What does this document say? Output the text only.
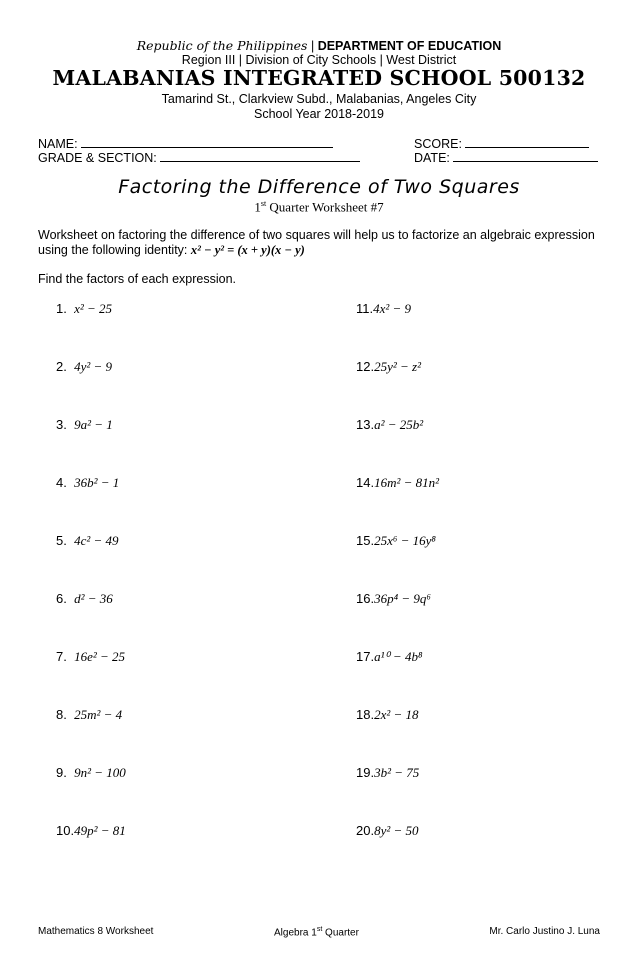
Republic of the Philippines | DEPARTMENT OF EDUCATION
Region III | Division of City Schools | West District
MALABANIAS INTEGRATED SCHOOL 500132
Tamarind St., Clarkview Subd., Malabanias, Angeles City
School Year 2018-2019
NAME:	SCORE:
GRADE & SECTION:	DATE:
Factoring the Difference of Two Squares
1st Quarter Worksheet #7
Worksheet on factoring the difference of two squares will help us to factorize an algebraic expression using the following identity: x² − y² = (x + y)(x − y)
Find the factors of each expression.
1. x² − 25
2. 4y² − 9
3. 9a² − 1
4. 36b² − 1
5. 4c² − 49
6. d² − 36
7. 16e² − 25
8. 25m² − 4
9. 9n² − 100
10.49p² − 81
11.4x² − 9
12.25y² − z²
13.a² − 25b²
14.16m² − 81n²
15.25x⁶ − 16y⁸
16.36p⁴ − 9q⁶
17.a¹⁰ − 4b⁸
18.2x² − 18
19.3b² − 75
20.8y² − 50
Mathematics 8 Worksheet	Algebra 1st Quarter	Mr. Carlo Justino J. Luna
